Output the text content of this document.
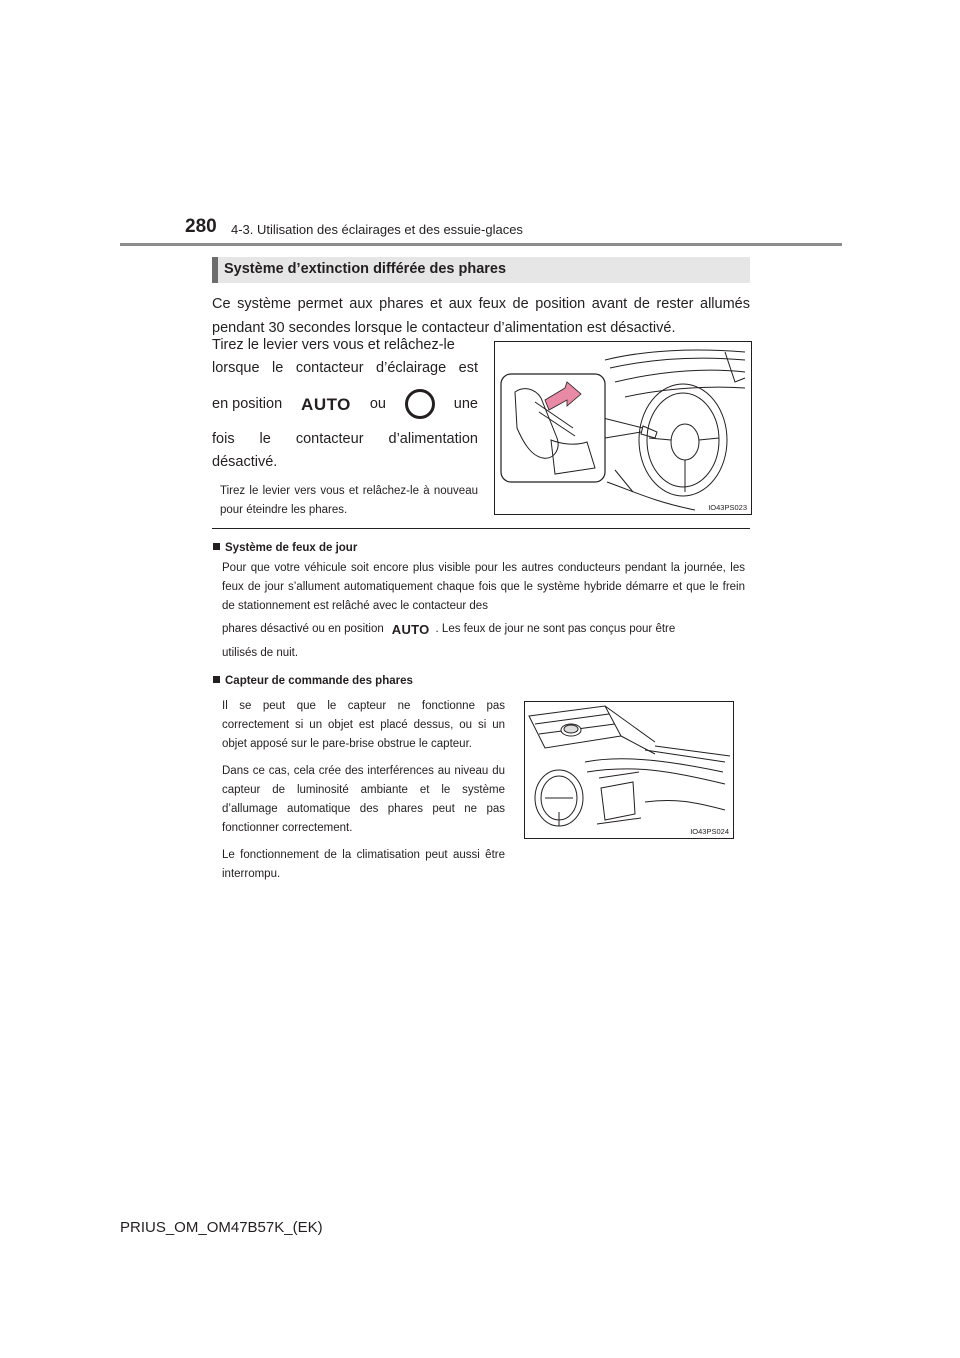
280 4-3. Utilisation des éclairages et des essuie-glaces
Système d’extinction différée des phares
Ce système permet aux phares et aux feux de position avant de rester allumés pendant 30 secondes lorsque le contacteur d’alimentation est désactivé.
Tirez le levier vers vous et relâchez-le
lorsque le contacteur d’éclairage est
en position AUTO ou	une
fois le contacteur d’alimentation
désactivé.
Tirez le levier vers vous et relâchez-le à nouveau pour éteindre les phares.	IO43PS023
Système de feux de jour
Pour que votre véhicule soit encore plus visible pour les autres conducteurs pendant la journée, les feux de jour s’allument automatiquement chaque fois que le système hybride démarre et que le frein de stationnement est relâché avec le contacteur des
phares désactivé ou en position AUTO . Les feux de jour ne sont pas conçus pour être
utilisés de nuit.
Capteur de commande des phares

Il se peut que le capteur ne fonctionne pas correctement si un objet est placé dessus, ou si un objet apposé sur le pare-brise obstrue le capteur.

Dans ce cas, cela crée des interférences au niveau du capteur de luminosité ambiante et le système d’allumage automatique des phares peut ne pas fonctionner correctement.

Le fonctionnement de la climatisation peut aussi être interrompu.

IO43PS024
PRIUS_OM_OM47B57K_(EK)
